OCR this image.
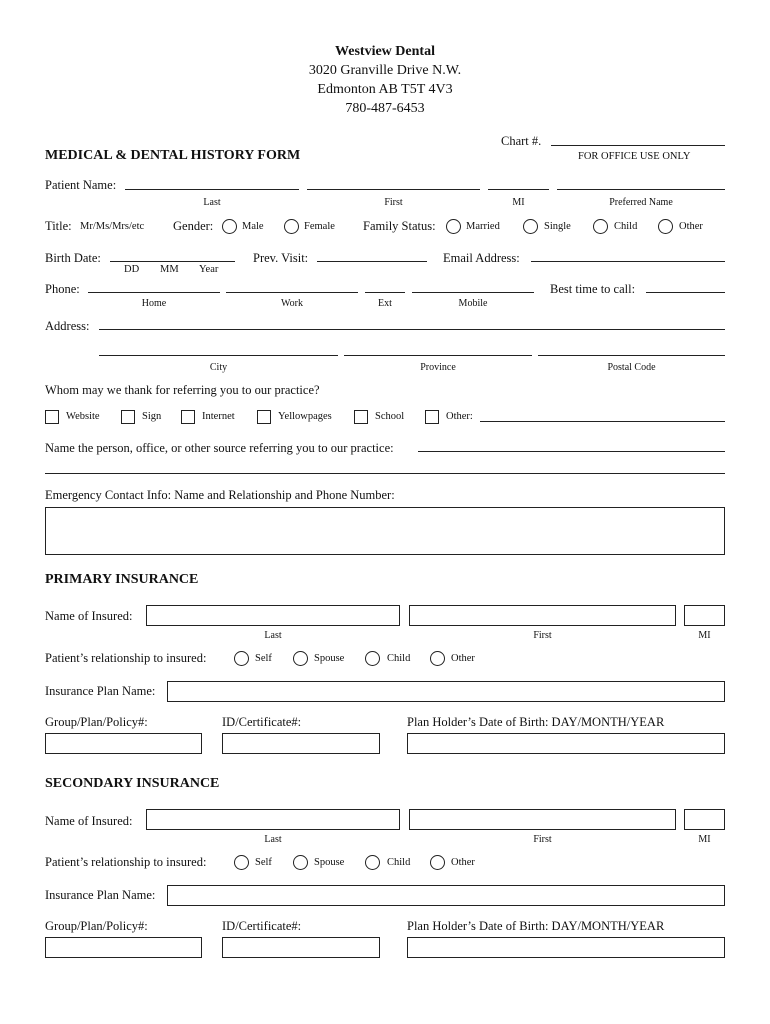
Westview Dental
3020 Granville Drive N.W.
Edmonton AB T5T 4V3
780-487-6453
Chart #.
FOR OFFICE USE ONLY
MEDICAL & DENTAL HISTORY FORM
Patient Name:
Last	First	MI	Preferred Name
Title: Mr/Ms/Mrs/etc Gender:	Male	Female Family Status:	Married	Single	Child	Other
Birth Date:
DD MM Year
Prev. Visit:	Email Address:
Phone:
Home	Work	Ext	Mobile
Best time to call:
Address:
City	Province	Postal Code
Whom may we thank for referring you to our practice?
Website	Sign	Internet	Yellowpages	School	Other:
Name the person, office, or other source referring you to our practice:
Emergency Contact Info: Name and Relationship and Phone Number:
PRIMARY INSURANCE
Name of Insured:
Last	First	MI
Patient’s relationship to insured:	Self	Spouse	Child	Other
Insurance Plan Name:
Group/Plan/Policy#:	ID/Certificate#:	Plan Holder’s Date of Birth: DAY/MONTH/YEAR
SECONDARY INSURANCE
Name of Insured:
Last	First	MI
Patient’s relationship to insured:	Self	Spouse	Child	Other
Insurance Plan Name:
Group/Plan/Policy#:	ID/Certificate#:	Plan Holder’s Date of Birth: DAY/MONTH/YEAR
